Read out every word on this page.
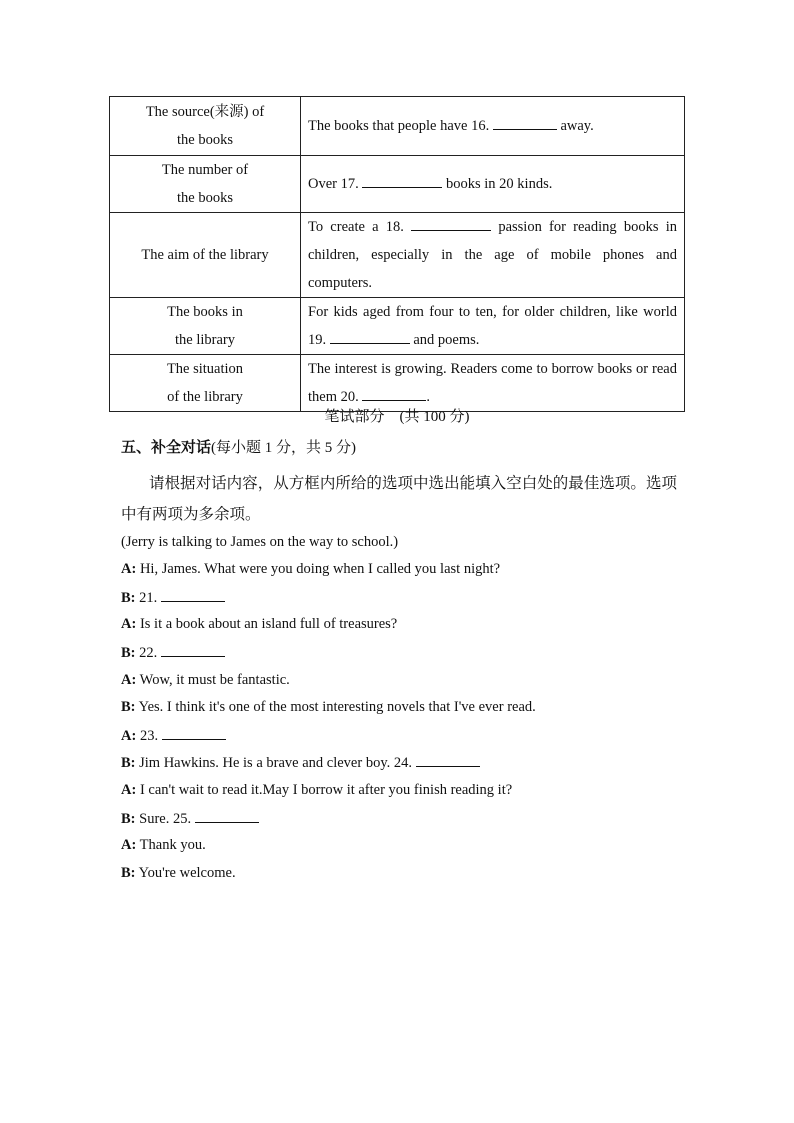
The source(来源) of
the books	The books that people have 16. away.

The number of
the books	Over 17. books in 20 kinds.

The aim of the library	To create a 18. passion for reading books in children, especially in the age of mobile phones and computers.

The books in
the library	For kids aged from four to ten, for older children, like world 19. and poems.

The situation
of the library	The interest is growing. Readers come to borrow books or read them 20. .
笔试部分　(共 100 分)
五、补全对话(每小题 1 分，共 5 分)
请根据对话内容，从方框内所给的选项中选出能填入空白处的最佳选项。选项中有两项为多余项。
(Jerry is talking to James on the way to school.)
A: Hi, James. What were you doing when I called you last night?
B: 21.
A: Is it a book about an island full of treasures?
B: 22.
A: Wow, it must be fantastic.
B: Yes. I think it's one of the most interesting novels that I've ever read.
A: 23.
B: Jim Hawkins. He is a brave and clever boy. 24.
A: I can't wait to read it.May I borrow it after you finish reading it?
B: Sure. 25.
A: Thank you.
B: You're welcome.
